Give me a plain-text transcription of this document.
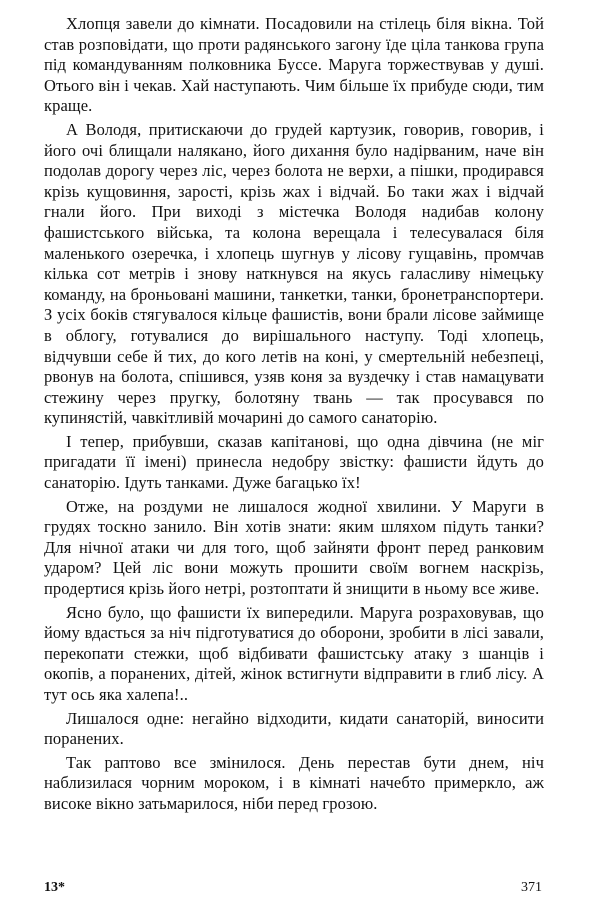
Хлопця завели до кімнати. Посадовили на стілець біля вікна. Той став розповідати, що проти радянського загону їде ціла танкова група під командуванням полковника Буссе. Маруга торжествував у душі. Отього він і чекав. Хай наступають. Чим більше їх прибуде сюди, тим краще.

А Володя, притискаючи до грудей картузик, говорив, говорив, і його очі блищали налякано, його дихання було надірваним, наче він подолав дорогу через ліс, через болота не верхи, а пішки, продирався крізь кущовиння, зарості, крізь жах і відчай. Бо таки жах і відчай гнали його. При виході з містечка Володя надибав колону фашистського війська, та колона верещала і телесувалася біля маленького озеречка, і хлопець шугнув у лісову гущавінь, промчав кілька сот метрів і знову наткнувся на якусь галасливу німецьку команду, на броньовані машини, танкетки, танки, бронетранспортери. З усіх боків стягувалося кільце фашистів, вони брали лісове займище в облогу, готувалися до вирішального наступу. Тоді хлопець, відчувши себе й тих, до кого летів на коні, у смертельній небезпеці, рвонув на болота, спішився, узяв коня за вуздечку і став намацувати стежину через пругку, болотяну твань — так просувався по купинястій, чавкітливій мочарині до самого санаторію.

І тепер, прибувши, сказав капітанові, що одна дівчина (не міг пригадати її імені) принесла недобру звістку: фашисти йдуть до санаторію. Ідуть танками. Дуже багацько їх!

Отже, на роздуми не лишалося жодної хвилини. У Маруги в грудях тоскно занило. Він хотів знати: яким шляхом підуть танки? Для нічної атаки чи для того, щоб зайняти фронт перед ранковим ударом? Цей ліс вони можуть прошити своїм вогнем наскрізь, продертися крізь його нетрі, розтоптати й знищити в ньому все живе.

Ясно було, що фашисти їх випередили. Маруга розраховував, що йому вдасться за ніч підготуватися до оборони, зробити в лісі завали, перекопати стежки, щоб відбивати фашистську атаку з шанців і окопів, а поранених, дітей, жінок встигнути відправити в глиб лісу. А тут ось яка халепа!..

Лишалося одне: негайно відходити, кидати санаторій, виносити поранених.

Так раптово все змінилося. День перестав бути днем, ніч наблизилася чорним мороком, і в кімнаті начебто примеркло, аж високе вікно затьмарилося, ніби перед грозою.

13*	371
